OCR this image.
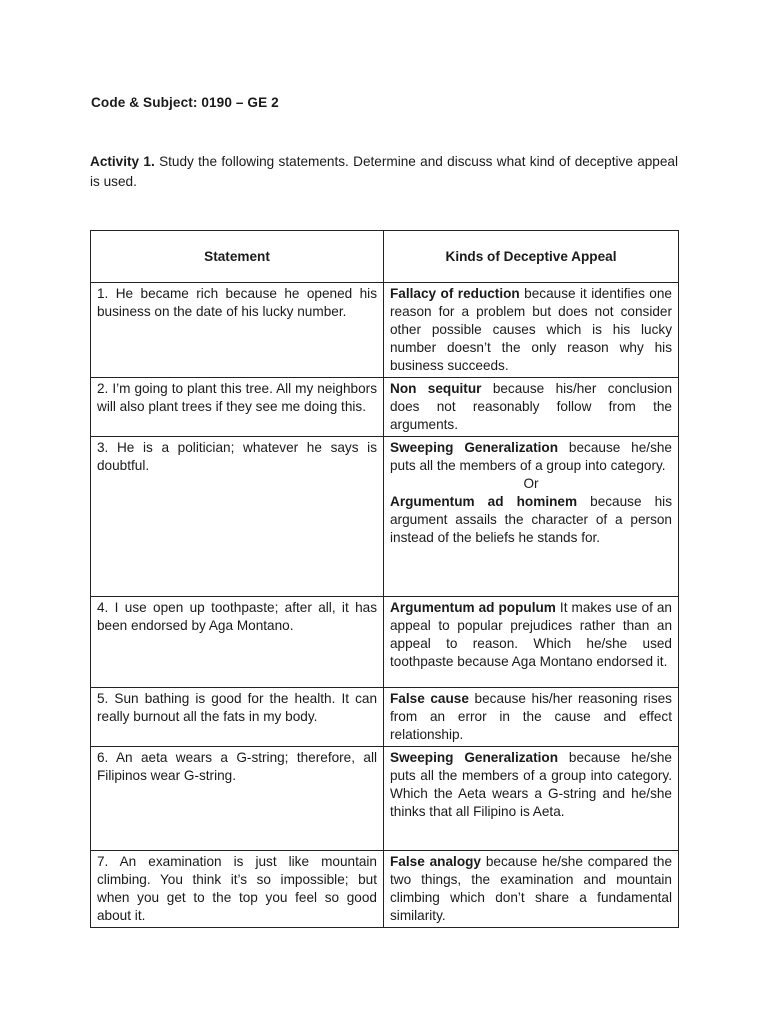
Code & Subject: 0190 – GE 2
Activity 1. Study the following statements. Determine and discuss what kind of deceptive appeal is used.
Statement	Kinds of Deceptive Appeal
1. He became rich because he opened his business on the date of his lucky number.	Fallacy of reduction because it identifies one reason for a problem but does not consider other possible causes which is his lucky number doesn’t the only reason why his business succeeds.
2. I’m going to plant this tree. All my neighbors will also plant trees if they see me doing this.	Non sequitur because his/her conclusion does not reasonably follow from the arguments.
3. He is a politician; whatever he says is doubtful.	Sweeping Generalization because he/she puts all the members of a group into category.
Or
Argumentum ad hominem because his argument assails the character of a person instead of the beliefs he stands for.

4. I use open up toothpaste; after all, it has been endorsed by Aga Montano.	Argumentum ad populum It makes use of an appeal to popular prejudices rather than an appeal to reason. Which he/she used toothpaste because Aga Montano endorsed it.
5. Sun bathing is good for the health. It can really burnout all the fats in my body.	False cause because his/her reasoning rises from an error in the cause and effect relationship.
6. An aeta wears a G-string; therefore, all Filipinos wear G-string.	Sweeping Generalization because he/she puts all the members of a group into category. Which the Aeta wears a G-string and he/she thinks that all Filipino is Aeta.
7. An examination is just like mountain climbing. You think it’s so impossible; but when you get to the top you feel so good about it.	False analogy because he/she compared the two things, the examination and mountain climbing which don’t share a fundamental similarity.
